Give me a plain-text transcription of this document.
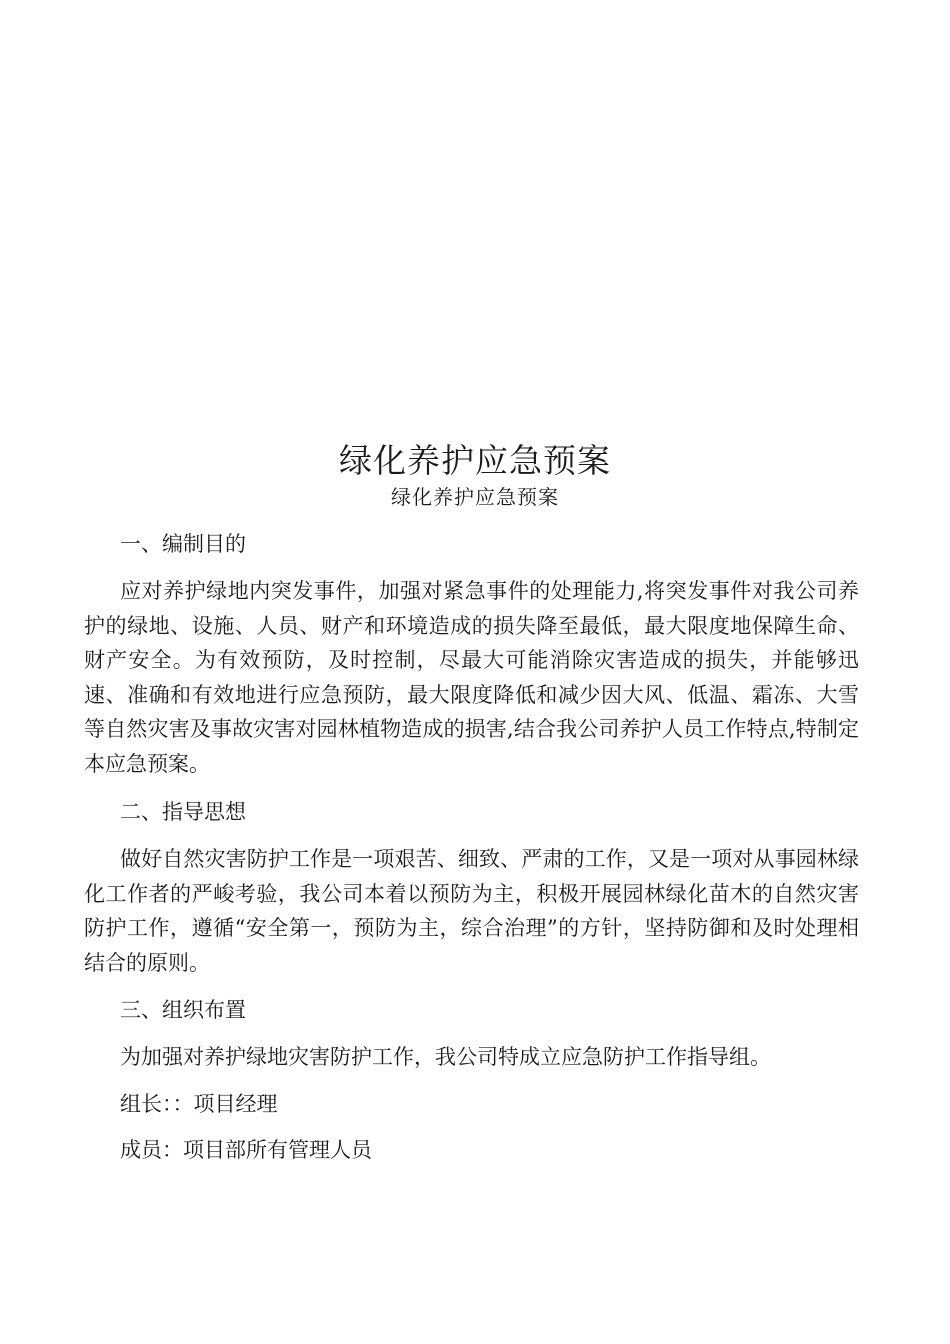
绿化养护应急预案
绿化养护应急预案
一、编制目的
应对养护绿地内突发事件，加强对紧急事件的处理能力,将突发事件对我公司养护的绿地、设施、人员、财产和环境造成的损失降至最低，最大限度地保障生命、财产安全。为有效预防，及时控制，尽最大可能消除灾害造成的损失，并能够迅速、准确和有效地进行应急预防，最大限度降低和减少因大风、低温、霜冻、大雪等自然灾害及事故灾害对园林植物造成的损害,结合我公司养护人员工作特点,特制定本应急预案。
二、指导思想
做好自然灾害防护工作是一项艰苦、细致、严肃的工作，又是一项对从事园林绿化工作者的严峻考验，我公司本着以预防为主，积极开展园林绿化苗木的自然灾害防护工作，遵循“安全第一，预防为主，综合治理”的方针，坚持防御和及时处理相结合的原则。
三、组织布置
为加强对养护绿地灾害防护工作，我公司特成立应急防护工作指导组。
组长：：项目经理
成员：项目部所有管理人员
